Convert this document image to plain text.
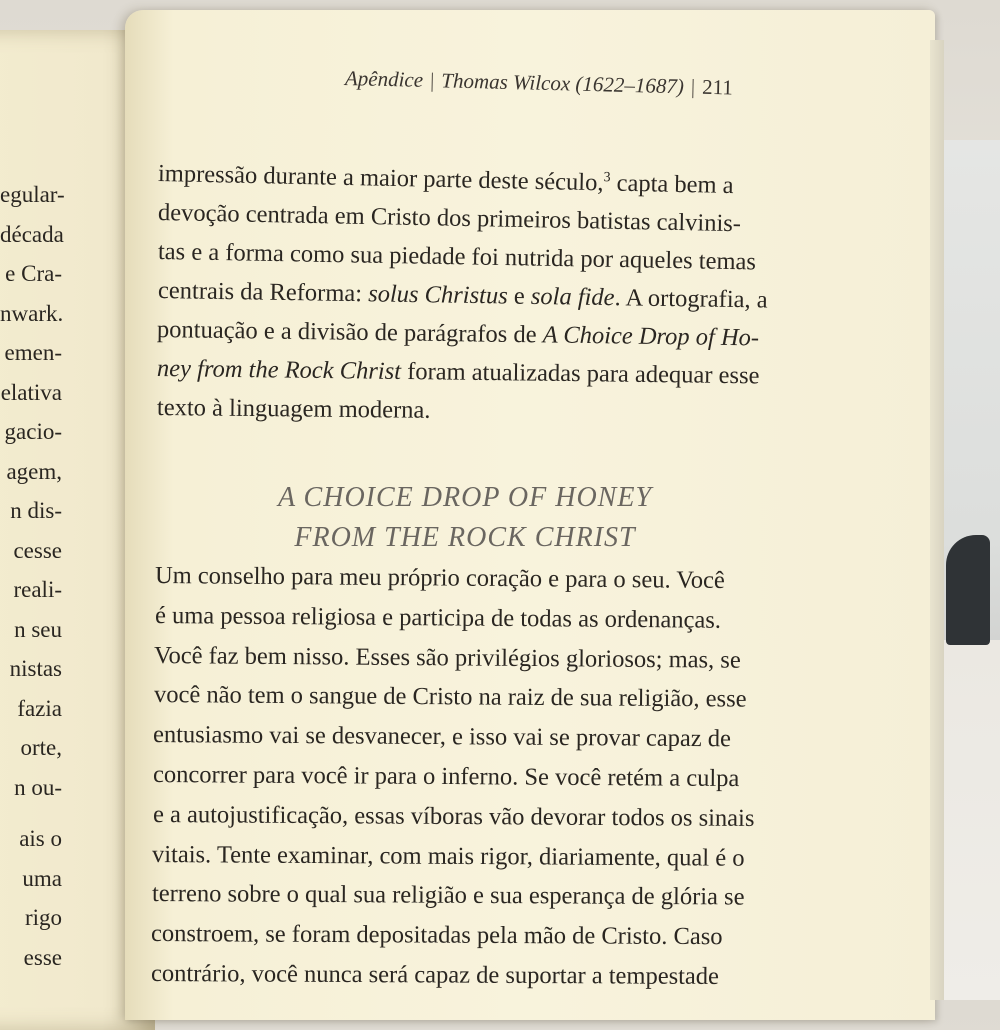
egular-
década
e Cra-
nwark.
emen-
elativa
gacio-
agem,
n dis-
cesse
reali-
n seu
nistas
fazia
orte,
n ou-
ais o
uma
rigo
esse
Apêndice | Thomas Wilcox (1622–1687) | 211
impressão durante a maior parte deste século,$^3$ capta bem a
devoção centrada em Cristo dos primeiros batistas calvinis-
tas e a forma como sua piedade foi nutrida por aqueles temas
centrais da Reforma: solus Christus e sola fide. A ortografia, a
pontuação e a divisão de parágrafos de A Choice Drop of Ho-
ney from the Rock Christ foram atualizadas para adequar esse
texto à linguagem moderna.
A CHOICE DROP OF HONEY
FROM THE ROCK CHRIST
Um conselho para meu próprio coração e para o seu. Você
é uma pessoa religiosa e participa de todas as ordenanças.
Você faz bem nisso. Esses são privilégios gloriosos; mas, se
você não tem o sangue de Cristo na raiz de sua religião, esse
entusiasmo vai se desvanecer, e isso vai se provar capaz de
concorrer para você ir para o inferno. Se você retém a culpa
e a autojustificação, essas víboras vão devorar todos os sinais
vitais. Tente examinar, com mais rigor, diariamente, qual é o
terreno sobre o qual sua religião e sua esperança de glória se
constroem, se foram depositadas pela mão de Cristo. Caso
contrário, você nunca será capaz de suportar a tempestade
